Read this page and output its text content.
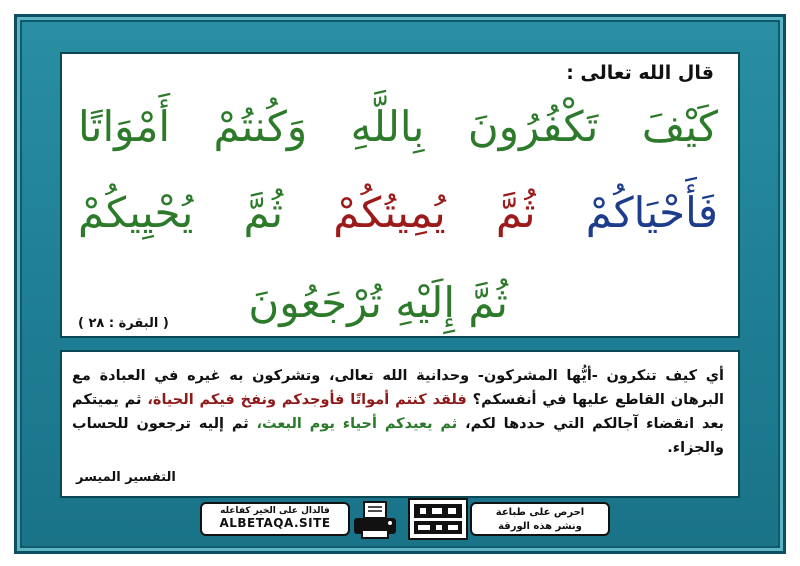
قال الله تعالى :
كَيْفَ تَكْفُرُونَ بِاللَّهِ وَكُنتُمْ أَمْوَاتًا
فَأَحْيَاكُمْ ثُمَّ يُمِيتُكُمْ ثُمَّ يُحْيِيكُمْ
ثُمَّ إِلَيْهِ تُرْجَعُونَ
( البقرة : ٢٨ )
أي كيف تنكرون -أيُّها المشركون- وحدانية الله تعالى، وتشركون به غيره في العبادة مع البرهان القاطع عليها في أنفسكم؟ فلقد كنتم أمواتًا فأوجدكم ونفخ فيكم الحياة، ثم يميتكم بعد انقضاء آجالكم التي حددها لكم، ثم يعيدكم أحياء يوم البعث، ثم إليه ترجعون للحساب والجزاء.
التفسير الميسر
فالدال على الخير كفاعله
ALBETAQA.SITE
احرص على طباعة
ونشر هذه الورقة
